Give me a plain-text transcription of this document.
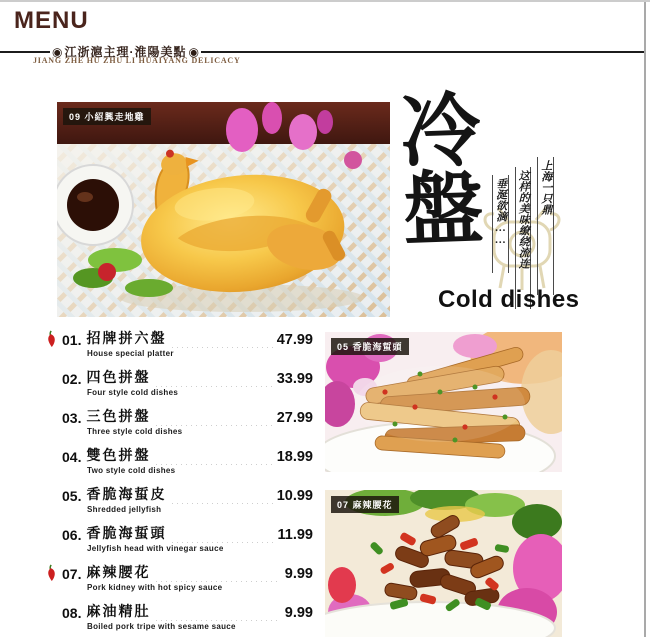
MENU
◉ 江浙滬主理·淮陽美點 ◉
JIANG ZHE HU ZHU LI HUAIYANG DELICACY
09 小紹興走地雞	冷
盤	上海一只鼎
这样的美味缭绕流连
垂涎欲滴……
Cold dishes
01. 招牌拼六盤	47.99
House special platter
02. 四色拼盤	33.99
Four style cold dishes
03. 三色拼盤	27.99
Three style cold dishes
04. 雙色拼盤	18.99
Two style cold dishes
05. 香脆海蜇皮	10.99
Shredded jellyfish
06. 香脆海蜇頭	11.99
Jellyfish head with vinegar sauce
07. 麻辣腰花	9.99
Pork kidney with hot spicy sauce
08. 麻油精肚	9.99
Boiled pork tripe with sesame sauce
05 香脆海蜇頭
07 麻辣腰花
